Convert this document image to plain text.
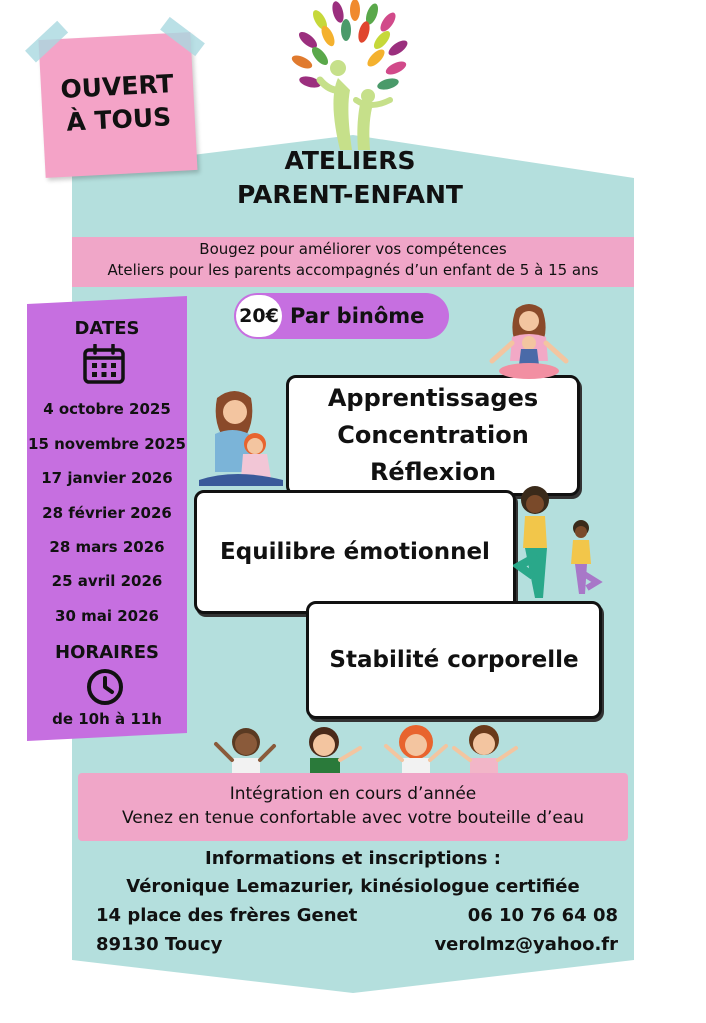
OUVERT
À TOUS
ATELIERS
PARENT-ENFANT
Bougez pour améliorer vos compétences
Ateliers pour les parents accompagnés d’un enfant de 5 à 15 ans
20€ Par binôme
DATES
4 octobre 2025
15 novembre 2025
17 janvier 2026
28 février 2026
28 mars 2026
25 avril 2026
30 mai 2026
HORAIRES
de 10h à 11h
Apprentissages
Concentration
Réflexion
Equilibre émotionnel
Stabilité corporelle
Intégration en cours d’année
Venez en tenue confortable avec votre bouteille d’eau
Informations et inscriptions :
Véronique Lemazurier, kinésiologue certifiée
14 place des frères Genet
89130 Toucy
06 10 76 64 08
verolmz@yahoo.fr
